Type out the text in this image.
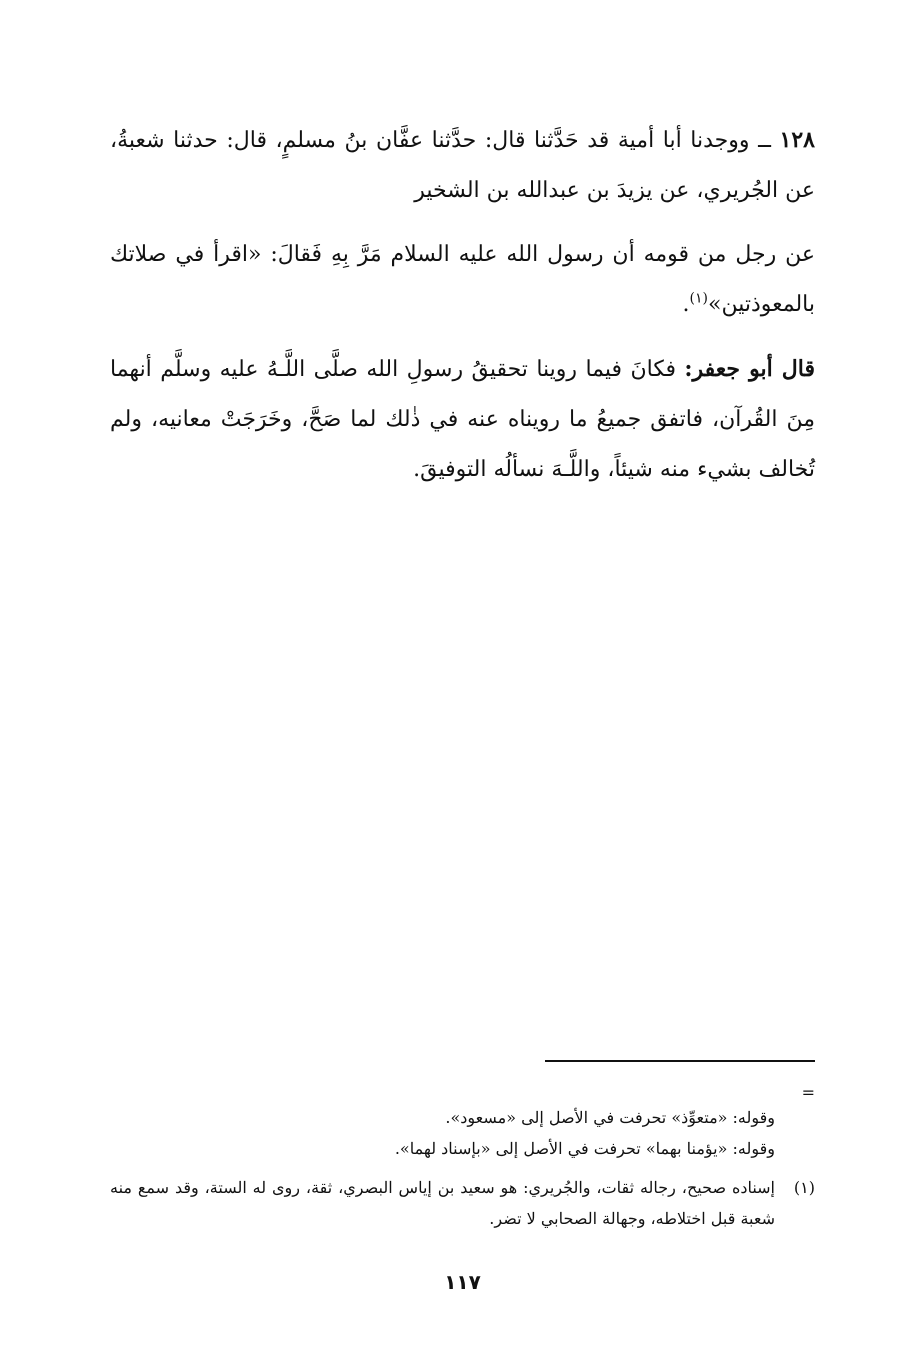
١٢٨ ــ ووجدنا أبا أمية قد حَدَّثنا قال: حدَّثنا عفَّان بنُ مسلمٍ، قال: حدثنا شعبةُ، عن الجُريري، عن يزيدَ بن عبدالله بن الشخير

عن رجل من قومه أن رسول الله عليه السلام مَرَّ بِهِ فَقالَ: «اقرأ في صلاتك بالمعوذتين»$^{(١)}$.

قال أبو جعفر: فكانَ فيما روينا تحقيقُ رسولِ الله صلَّى اللَّـهُ عليه وسلَّم أنهما مِنَ القُرآن، فاتفق جميعُ ما رويناه عنه في ذٰلك لما صَحَّ، وخَرَجَتْ معانيه، ولم تُخالف بشيء منه شيئاً، واللَّـهَ نسألُه التوفيقَ.

=

وقوله: «متعوِّذ» تحرفت في الأصل إلى «مسعود».

وقوله: «يؤمنا بهما» تحرفت في الأصل إلى «بإسناد لهما».

(١)
إسناده صحيح، رجاله ثقات، والجُريري: هو سعيد بن إياس البصري، ثقة، روى له الستة، وقد سمع منه شعبة قبل اختلاطه، وجهالة الصحابي لا تضر.

١١٧
